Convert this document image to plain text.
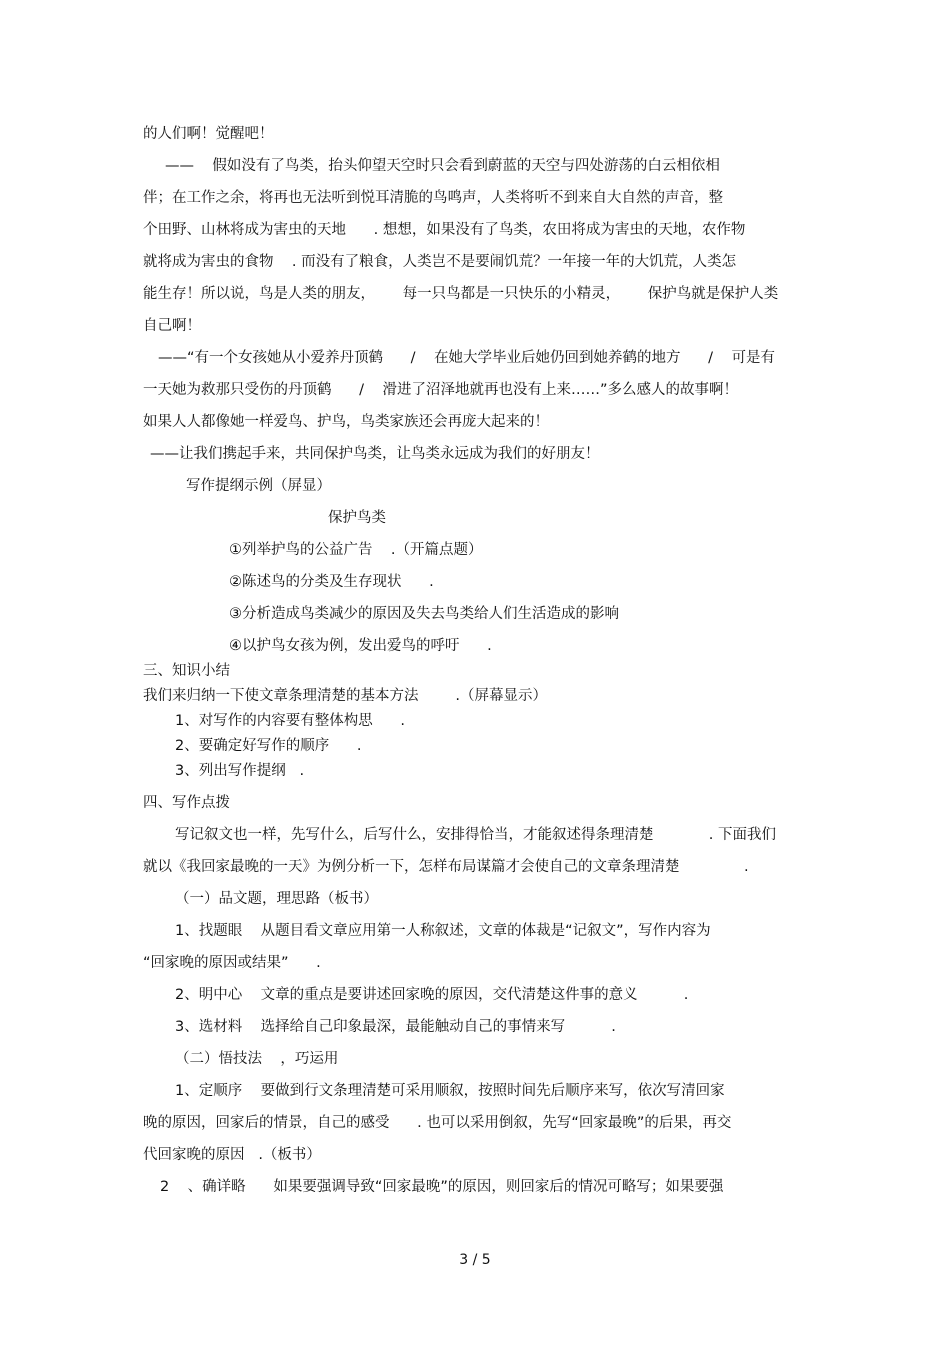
的人们啊！觉醒吧！
——    假如没有了鸟类，抬头仰望天空时只会看到蔚蓝的天空与四处游荡的白云相依相
伴；在工作之余，将再也无法听到悦耳清脆的鸟鸣声，人类将听不到来自大自然的声音，整
个田野、山林将成为害虫的天地      . 想想，如果没有了鸟类，农田将成为害虫的天地，农作物
就将成为害虫的食物    . 而没有了粮食，人类岂不是要闹饥荒？一年接一年的大饥荒，人类怎
能生存！所以说，鸟是人类的朋友，      每一只鸟都是一只快乐的小精灵，      保护鸟就是保护人类
自己啊！
——“有一个女孩她从小爱养丹顶鹤      /    在她大学毕业后她仍回到她养鹤的地方      /    可是有
一天她为救那只受伤的丹顶鹤      /    滑进了沼泽地就再也没有上来……”多么感人的故事啊！
如果人人都像她一样爱鸟、护鸟，鸟类家族还会再庞大起来的！
——让我们携起手来，共同保护鸟类，让鸟类永远成为我们的好朋友！
写作提纲示例（屏显）
保护鸟类
①列举护鸟的公益广告    .（开篇点题）
②陈述鸟的分类及生存现状      .
③分析造成鸟类减少的原因及失去鸟类给人们生活造成的影响
④以护鸟女孩为例，发出爱鸟的呼吁      .
三、知识小结
我们来归纳一下使文章条理清楚的基本方法        .（屏幕显示）
1、对写作的内容要有整体构思      .
2、要确定好写作的顺序      .
3、列出写作提纲   .
四、写作点拨
写记叙文也一样，先写什么，后写什么，安排得恰当，才能叙述得条理清楚            . 下面我们
就以《我回家最晚的一天》为例分析一下，怎样布局谋篇才会使自己的文章条理清楚              .
（一）品文题，理思路（板书）
1、找题眼    从题目看文章应用第一人称叙述，文章的体裁是“记叙文”，写作内容为
“回家晚的原因或结果”      .
2、明中心    文章的重点是要讲述回家晚的原因，交代清楚这件事的意义          .
3、选材料    选择给自己印象最深，最能触动自己的事情来写          .
（二）悟技法    ，巧运用
1、定顺序    要做到行文条理清楚可采用顺叙，按照时间先后顺序来写，依次写清回家
晚的原因，回家后的情景，自己的感受      . 也可以采用倒叙，先写“回家最晚”的后果，再交
代回家晚的原因   .（板书）
2    、确详略      如果要强调导致“回家最晚”的原因，则回家后的情况可略写；如果要强
3 / 5
